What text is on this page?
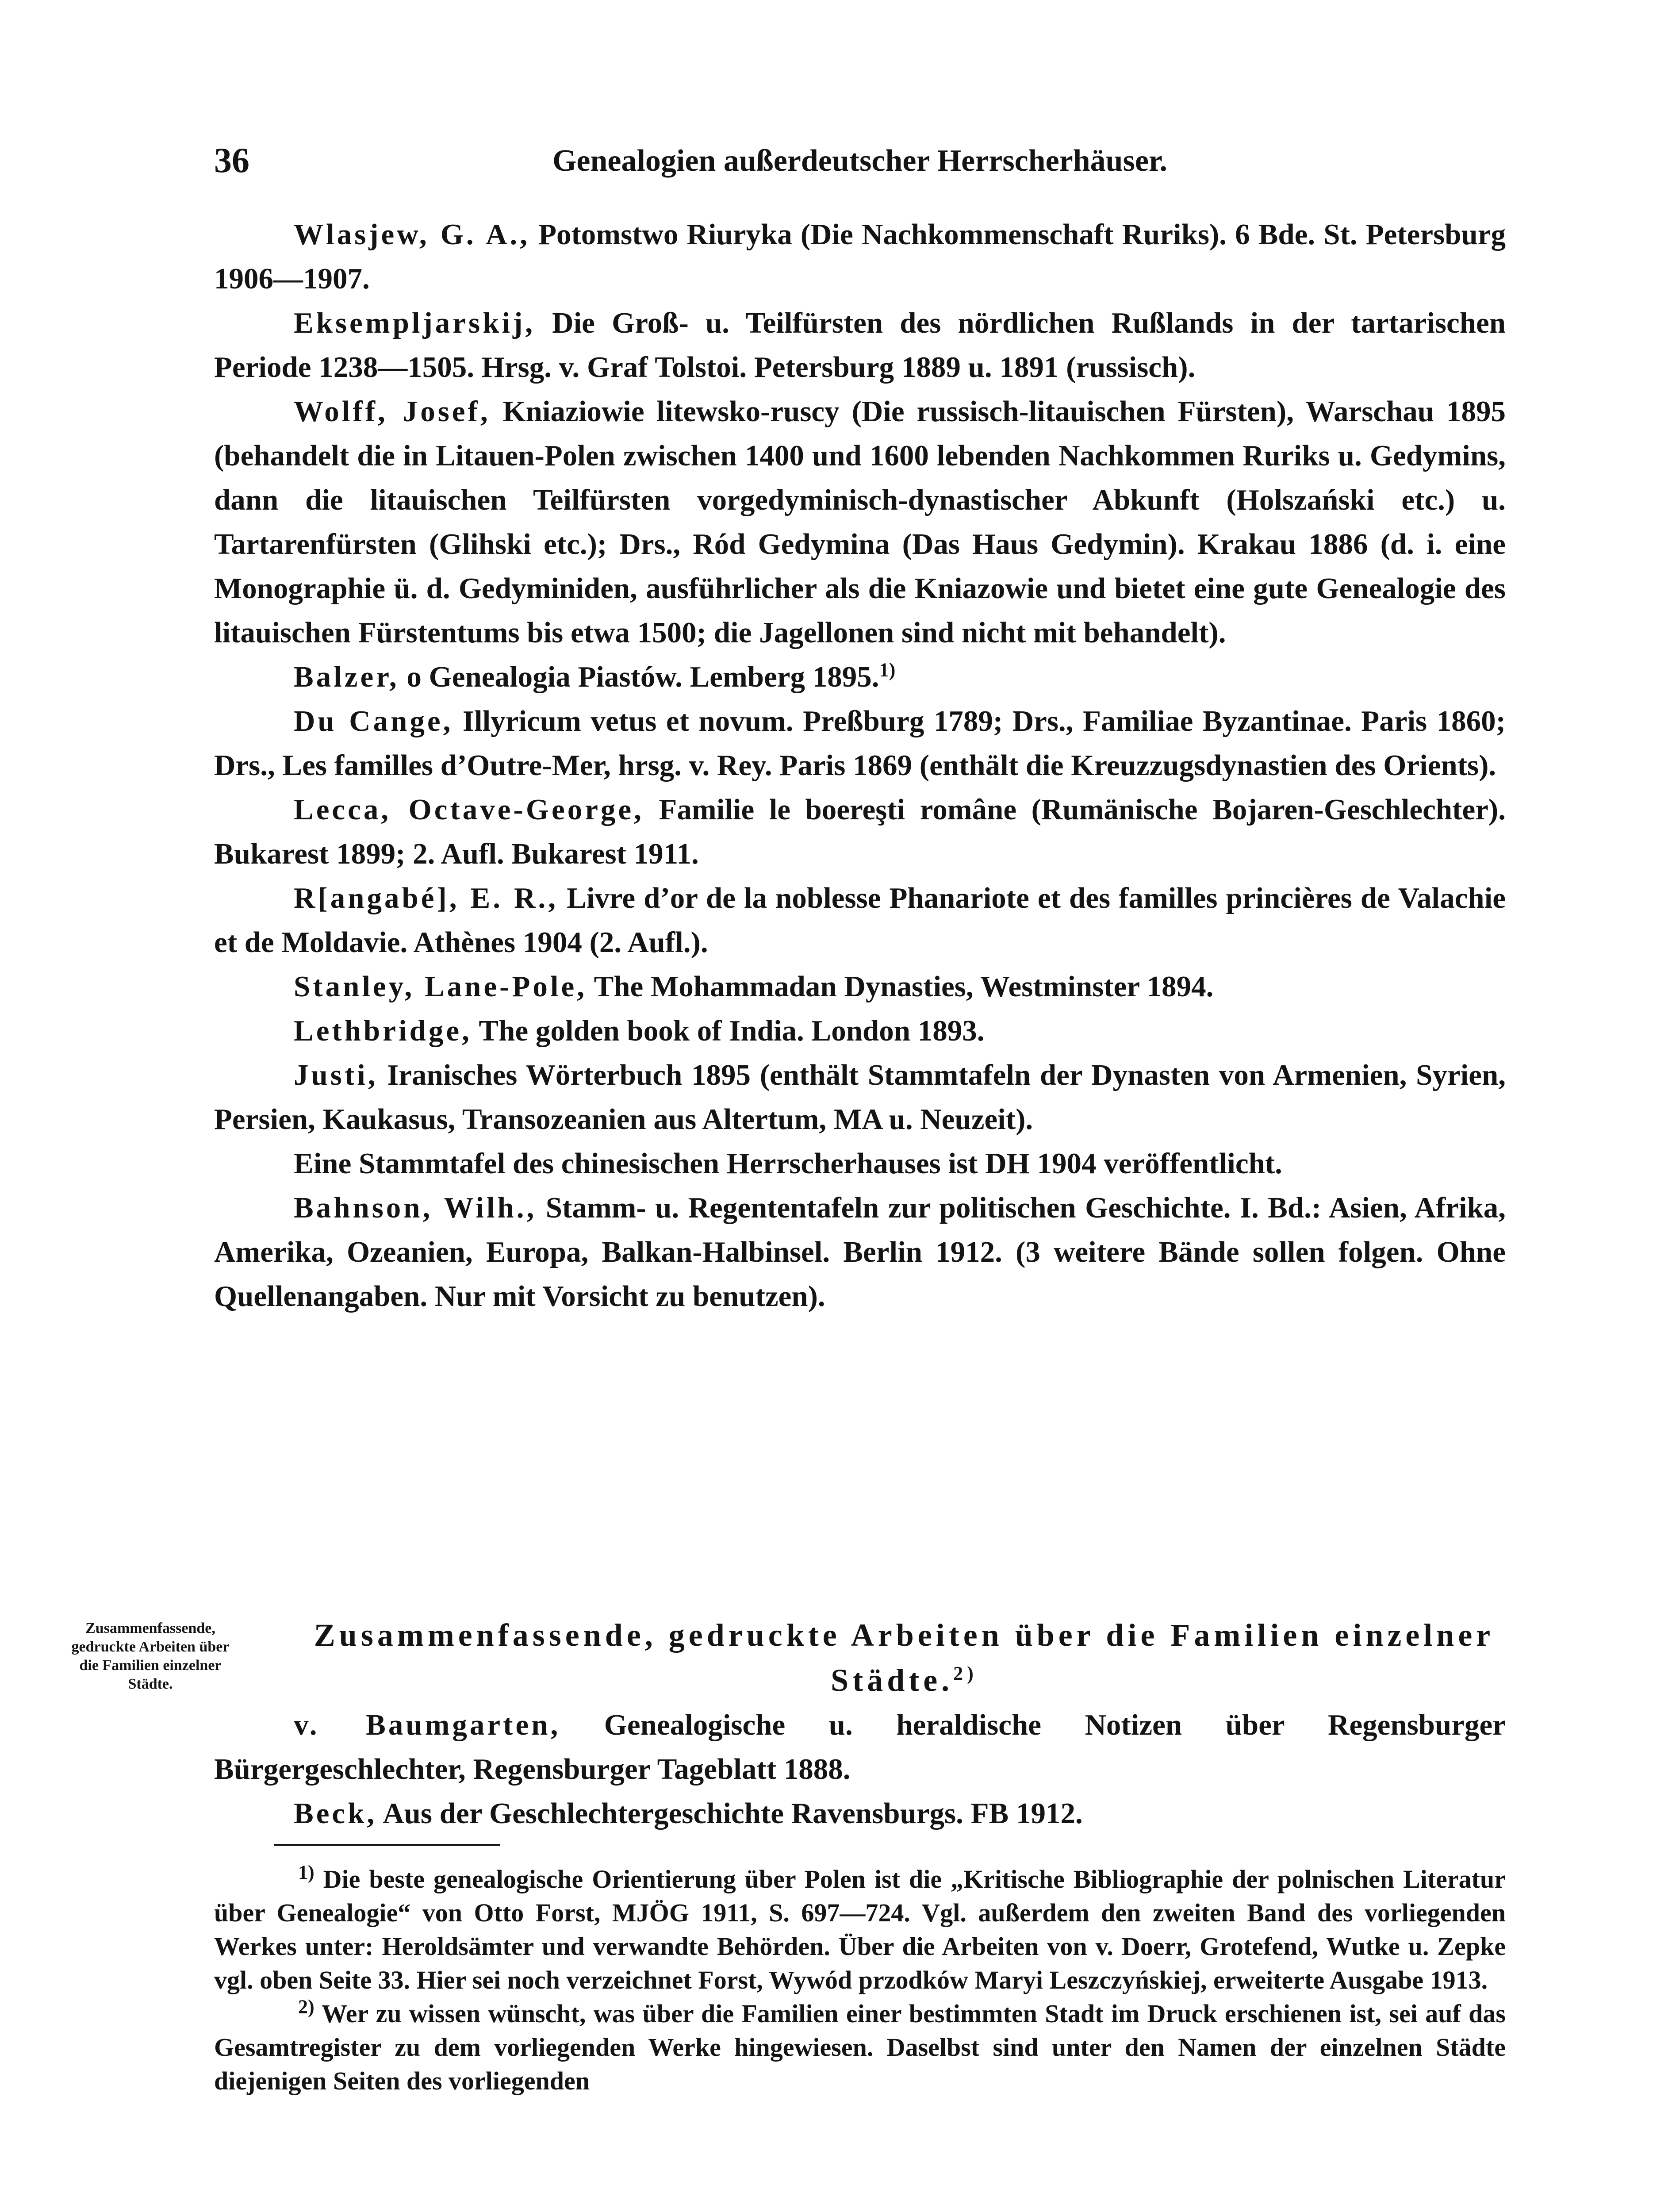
36	Genealogien außerdeutscher Herrscherhäuser.

Wlasjew, G. A., Potomstwo Riuryka (Die Nachkommenschaft Ruriks). 6 Bde. St. Petersburg 1906—1907.

Eksempljarskij, Die Groß- u. Teilfürsten des nördlichen Rußlands in der tartarischen Periode 1238—1505. Hrsg. v. Graf Tolstoi. Petersburg 1889 u. 1891 (russisch).

Wolff, Josef, Kniaziowie litewsko-ruscy (Die russisch-litauischen Fürsten), Warschau 1895 (behandelt die in Litauen-Polen zwischen 1400 und 1600 lebenden Nachkommen Ruriks u. Gedymins, dann die litauischen Teilfürsten vorgedyminisch-dynastischer Abkunft (Holszański etc.) u. Tartarenfürsten (Glihski etc.); Drs., Ród Gedymina (Das Haus Gedymin). Krakau 1886 (d. i. eine Monographie ü. d. Gedyminiden, ausführlicher als die Kniazowie und bietet eine gute Genealogie des litauischen Fürstentums bis etwa 1500; die Jagellonen sind nicht mit behandelt).

Balzer, o Genealogia Piastów. Lemberg 1895.$^{1)}$

Du Cange, Illyricum vetus et novum. Preßburg 1789; Drs., Familiae Byzantinae. Paris 1860; Drs., Les familles d’Outre-Mer, hrsg. v. Rey. Paris 1869 (enthält die Kreuzzugsdynastien des Orients).

Lecca, Octave-George, Familie le boereşti române (Rumänische Bojaren-Geschlechter). Bukarest 1899; 2. Aufl. Bukarest 1911.

R[angabé], E. R., Livre d’or de la noblesse Phanariote et des familles princières de Valachie et de Moldavie. Athènes 1904 (2. Aufl.).

Stanley, Lane-Pole, The Mohammadan Dynasties, Westminster 1894.

Lethbridge, The golden book of India. London 1893.

Justi, Iranisches Wörterbuch 1895 (enthält Stammtafeln der Dynasten von Armenien, Syrien, Persien, Kaukasus, Transozeanien aus Altertum, MA u. Neuzeit).

Eine Stammtafel des chinesischen Herrscherhauses ist DH 1904 veröffentlicht.

Bahnson, Wilh., Stamm- u. Regententafeln zur politischen Geschichte. I. Bd.: Asien, Afrika, Amerika, Ozeanien, Europa, Balkan-Halbinsel. Berlin 1912. (3 weitere Bände sollen folgen. Ohne Quellenangaben. Nur mit Vorsicht zu benutzen).

Zusammenfassende, gedruckte Arbeiten über die Familien einzelner Städte.

Zusammenfassende, gedruckte Arbeiten über die Familien einzelner Städte.$^{2)}$

v. Baumgarten, Genealogische u. heraldische Notizen über Regensburger Bürgergeschlechter, Regensburger Tageblatt 1888.

Beck, Aus der Geschlechtergeschichte Ravensburgs. FB 1912.

$^{1)}$ Die beste genealogische Orientierung über Polen ist die „Kritische Bibliographie der polnischen Literatur über Genealogie“ von Otto Forst, MJÖG 1911, S. 697—724. Vgl. außerdem den zweiten Band des vorliegenden Werkes unter: Heroldsämter und verwandte Behörden. Über die Arbeiten von v. Doerr, Grotefend, Wutke u. Zepke vgl. oben Seite 33. Hier sei noch verzeichnet Forst, Wywód przodków Maryi Leszczyńskiej, erweiterte Ausgabe 1913.

$^{2)}$ Wer zu wissen wünscht, was über die Familien einer bestimmten Stadt im Druck erschienen ist, sei auf das Gesamtregister zu dem vorliegenden Werke hingewiesen. Daselbst sind unter den Namen der einzelnen Städte diejenigen Seiten des vorliegenden
